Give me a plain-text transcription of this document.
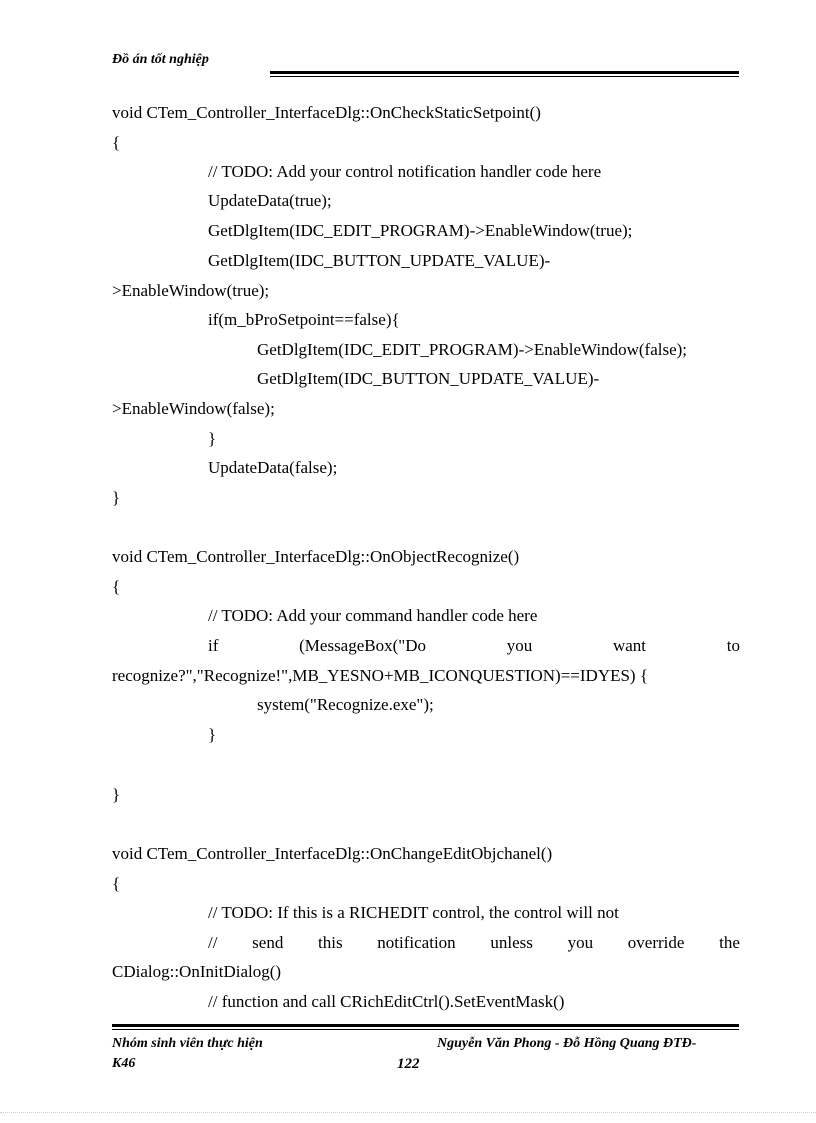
Đồ án tốt nghiệp
void CTem_Controller_InterfaceDlg::OnCheckStaticSetpoint()
{
// TODO: Add your control notification handler code here
UpdateData(true);
GetDlgItem(IDC_EDIT_PROGRAM)->EnableWindow(true);
GetDlgItem(IDC_BUTTON_UPDATE_VALUE)-
>EnableWindow(true);
if(m_bProSetpoint==false){
GetDlgItem(IDC_EDIT_PROGRAM)->EnableWindow(false);
GetDlgItem(IDC_BUTTON_UPDATE_VALUE)-
>EnableWindow(false);
}
UpdateData(false);
}
void CTem_Controller_InterfaceDlg::OnObjectRecognize()
{
// TODO: Add your command handler code here
if	(MessageBox("Do	you	want	to
recognize?","Recognize!",MB_YESNO+MB_ICONQUESTION)==IDYES) {
system("Recognize.exe");
}
}
void CTem_Controller_InterfaceDlg::OnChangeEditObjchanel()
{
// TODO: If this is a RICHEDIT control, the control will not
// send this notification unless you override the
CDialog::OnInitDialog()
// function and call CRichEditCtrl().SetEventMask()
Nhóm sinh viên thực hiện
K46
Nguyễn Văn Phong - Đỗ Hồng Quang ĐTĐ-
122
